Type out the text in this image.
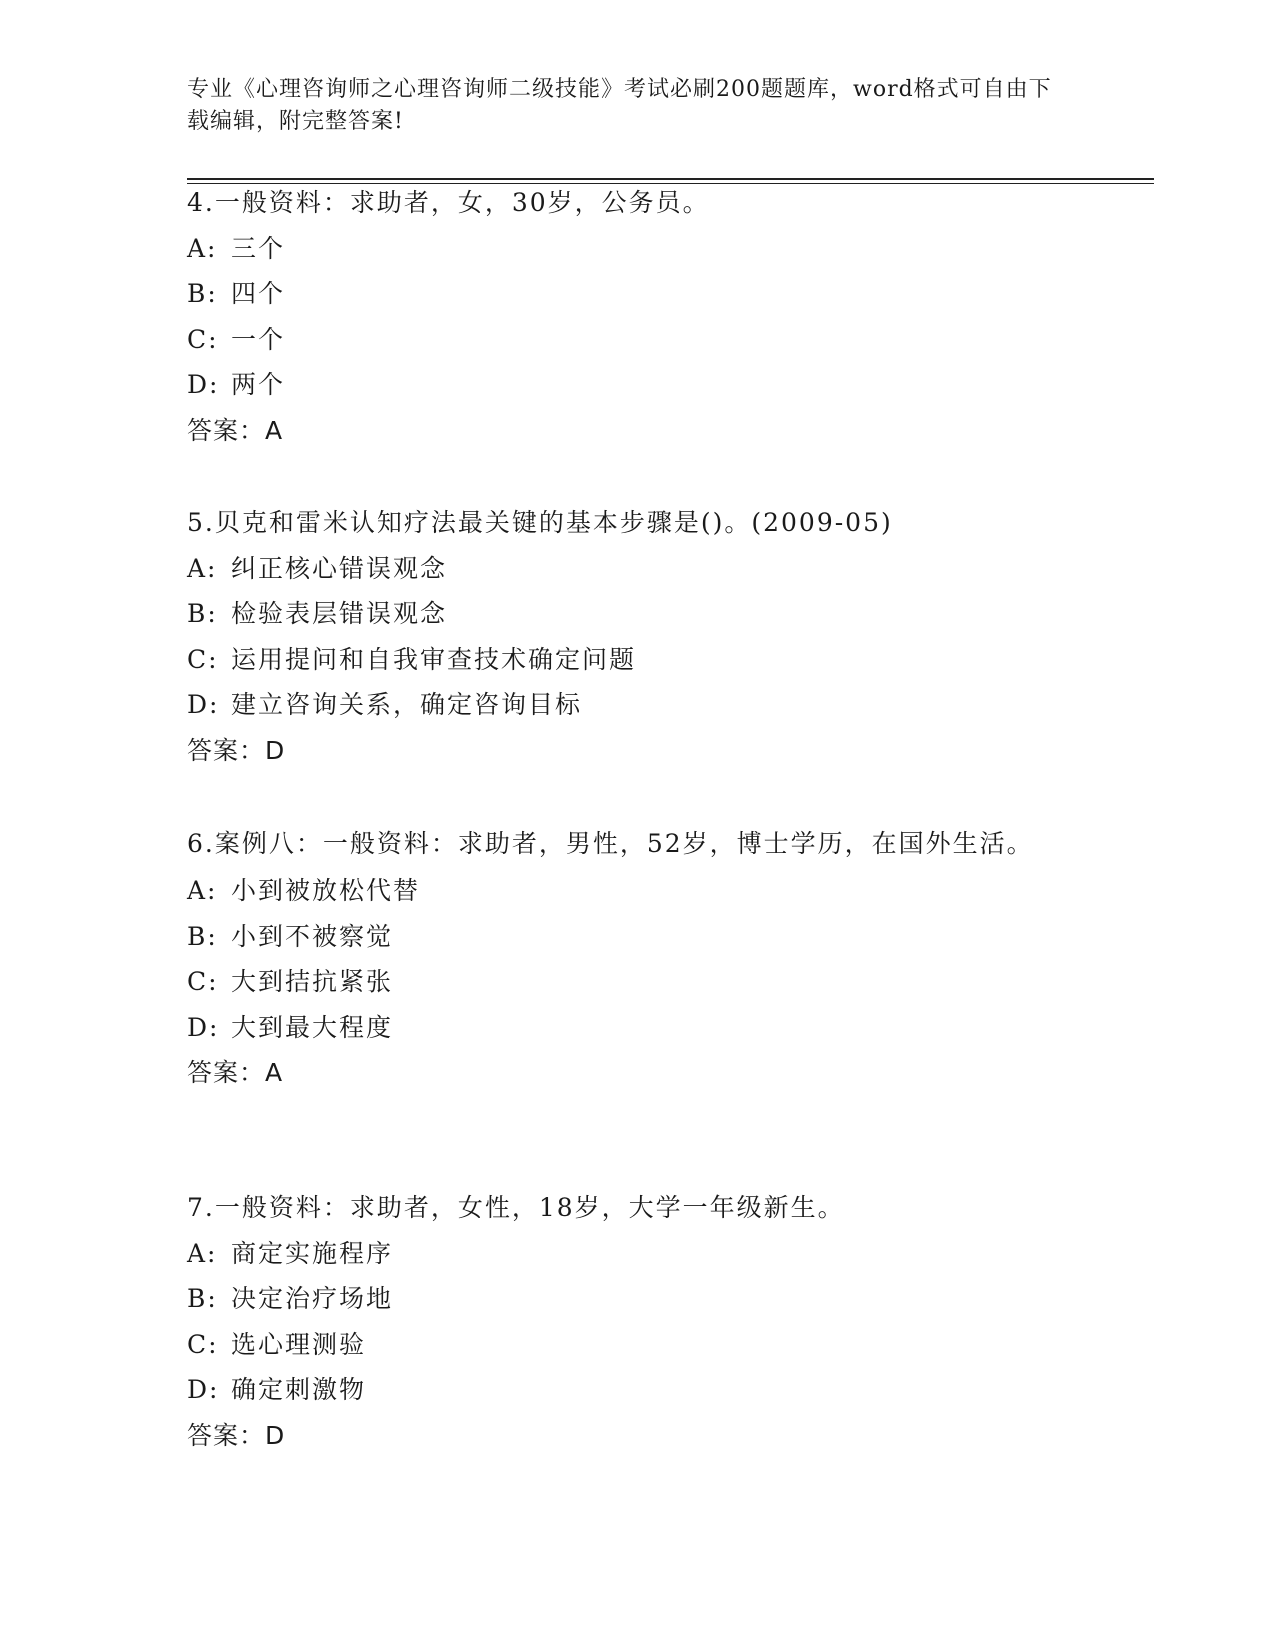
专业《心理咨询师之心理咨询师二级技能》考试必刷200题题库，word格式可自由下载编辑，附完整答案!
4.一般资料：求助者，女，30岁，公务员。
A: 三个
B: 四个
C: 一个
D: 两个
答案：A
5.贝克和雷米认知疗法最关键的基本步骤是()。(2009-05)
A: 纠正核心错误观念
B: 检验表层错误观念
C: 运用提问和自我审查技术确定问题
D: 建立咨询关系，确定咨询目标
答案：D
6.案例八：一般资料：求助者，男性，52岁，博士学历，在国外生活。
A: 小到被放松代替
B: 小到不被察觉
C: 大到拮抗紧张
D: 大到最大程度
答案：A
7.一般资料：求助者，女性，18岁，大学一年级新生。
A: 商定实施程序
B: 决定治疗场地
C: 选心理测验
D: 确定刺激物
答案：D
